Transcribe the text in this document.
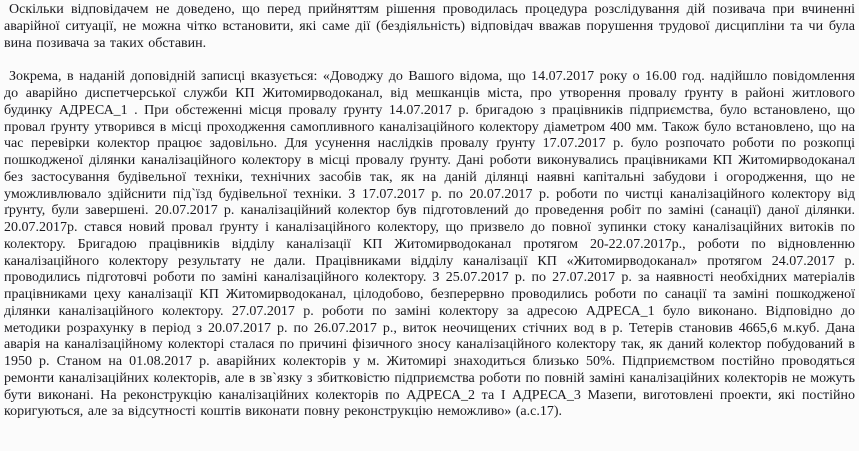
Оскільки відповідачем не доведено, що перед прийняттям рішення проводилась процедура розслідування дій позивача при вчиненні аварійної ситуації, не можна чітко встановити, які саме дії (бездіяльність) відповідач вважав порушення трудової дисципліни та чи була вина позивача за таких обставин.

Зокрема, в наданій доповідній записці вказується: «Доводжу до Вашого відома, що 14.07.2017 року о 16.00 год. надійшло повідомлення до аварійно диспетчерської служби КП Житомирводоканал, від мешканців міста, про утворення провалу ґрунту в районі житлового будинку АДРЕСА_1 . При обстеженні місця провалу ґрунту 14.07.2017 р. бригадою з працівників підприємства, було встановлено, що провал ґрунту утворився в місці проходження самопливного каналізаційного колектору діаметром 400 мм. Також було встановлено, що на час перевірки колектор працює задовільно. Для усунення наслідків провалу ґрунту 17.07.2017 р. було розпочато роботи по розкопці пошкодженої ділянки каналізаційного колектору в місці провалу ґрунту. Дані роботи виконувались працівниками КП Житомирводоканал без застосування будівельної техніки, технічних засобів так, як на даній ділянці наявні капітальні забудови і огородження, що не уможливлювало здійснити під`їзд будівельної техніки. З 17.07.2017 р. по 20.07.2017 р. роботи по чистці каналізаційного колектору від ґрунту, були завершені. 20.07.2017 р. каналізаційний колектор був підготовлений до проведення робіт по заміні (санації) даної ділянки. 20.07.2017р. стався новий провал ґрунту і каналізаційного колектору, що призвело до повної зупинки стоку каналізаційних витоків по колектору. Бригадою працівників відділу каналізації КП Житомирводоканал протягом 20-22.07.2017р., роботи по відновленню каналізаційного колектору результату не дали. Працівниками відділу каналізації КП «Житомирводоканал» протягом 24.07.2017 р. проводились підготовчі роботи по заміні каналізаційного колектору. З 25.07.2017 р. по 27.07.2017 р. за наявності необхідних матеріалів працівниками цеху каналізації КП Житомирводоканал, цілодобово, безперервно проводились роботи по санації та заміні пошкодженої ділянки каналізаційного колектору. 27.07.2017 р. роботи по заміні колектору за адресою АДРЕСА_1 було виконано. Відповідно до методики розрахунку в період з 20.07.2017 р. по 26.07.2017 р., виток неочищених стічних вод в р. Тетерів становив 4665,6 м.куб. Дана аварія на каналізаційному колекторі сталася по причині фізичного зносу каналізаційного колектору так, як даний колектор побудований в 1950 р. Станом на 01.08.2017 р. аварійних колекторів у м. Житомирі знаходиться близько 50%. Підприємством постійно проводяться ремонти каналізаційних колекторів, але в зв`язку з збитковістю підприємства роботи по повній заміні каналізаційних колекторів не можуть бути виконані. На реконструкцію каналізаційних колекторів по АДРЕСА_2 та І АДРЕСА_3 Мазепи, виготовлені проекти, які постійно коригуються, але за відсутності коштів виконати повну реконструкцію неможливо» (а.с.17).
